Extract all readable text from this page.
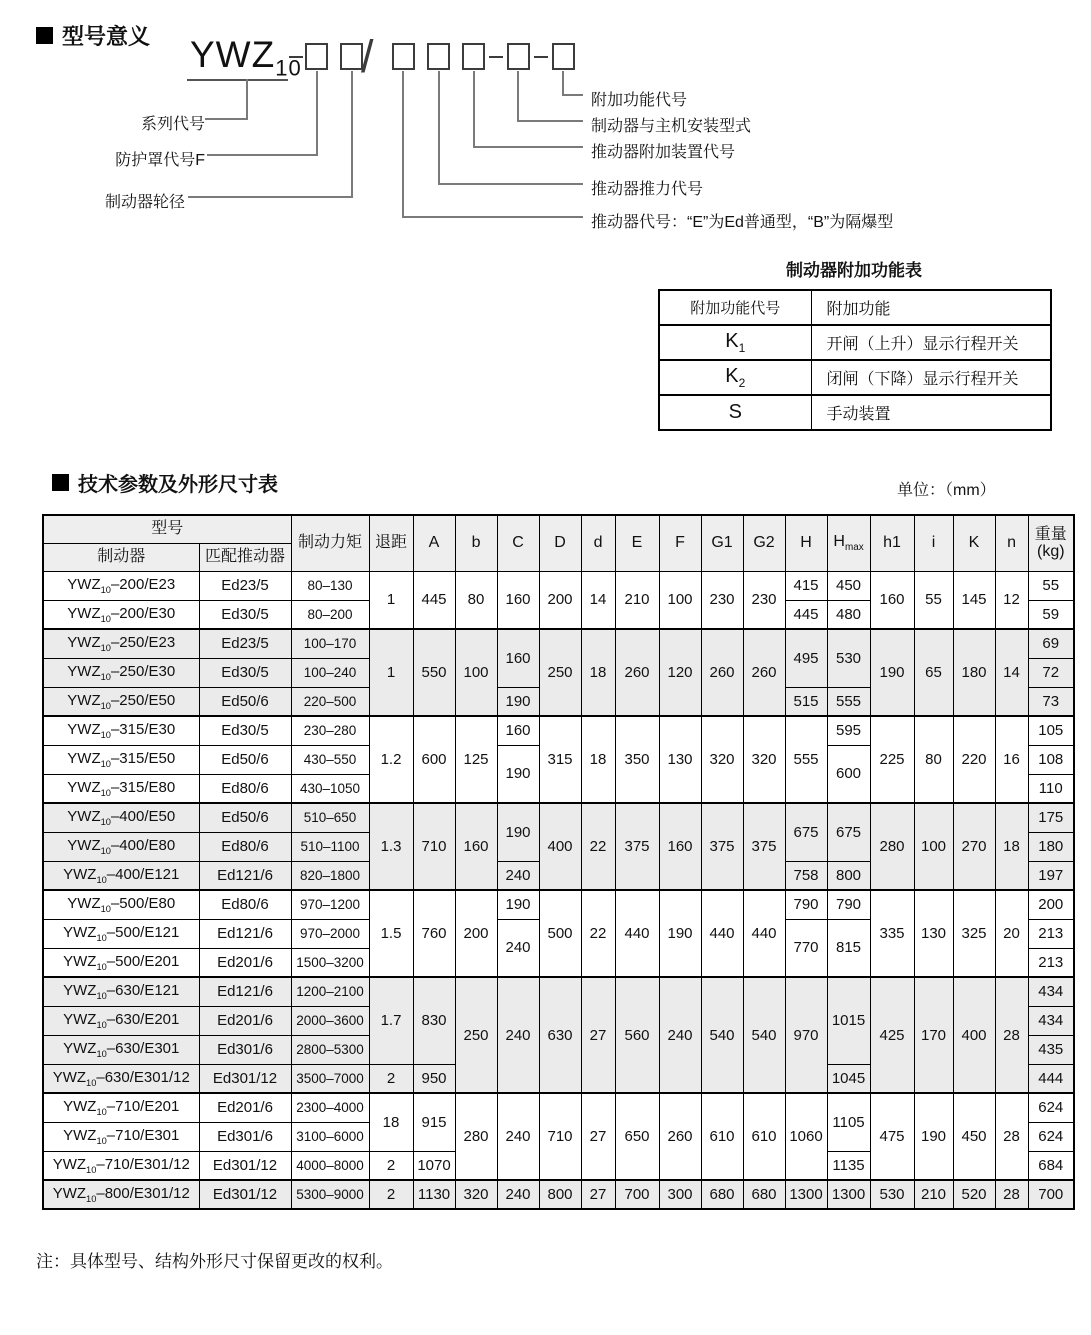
型号意义 $YWZ_{10}$ /
系列代号
防护罩代号F
制动器轮径
附加功能代号
制动器与主机安装型式
推动器附加装置代号
推动器推力代号
推动器代号：“E”为Ed普通型，“B”为隔爆型
制动器附加功能表
附加功能代号	附加功能
$K_1$	开闸（上升）显示行程开关
$K_2$	闭闸（下降）显示行程开关
S	手动装置
技术参数及外形尺寸表	单位：（mm）
型号		制动力矩	退距	A	b	C	D	d	E	F	G1	G2	H	$H_{max}$	h1	i	K	n	重量
(kg)
制动器	匹配推动器																		
$YWZ_{10}-200/E23$	Ed23/5	80–130	1	445	80	160	200	14	210	100	230	230	415	450	160	55	145	12	55
$YWZ_{10}-200/E30$	Ed30/5	80–200											445	480					59
$YWZ_{10}-250/E23$	Ed23/5	100–170	1	550	100	160	250	18	260	120	260	260	495	530	190	65	180	14	69
$YWZ_{10}-250/E30$	Ed30/5	100–240																	72
$YWZ_{10}-250/E50$	Ed50/6	220–500				190							515	555					73
$YWZ_{10}-315/E30$	Ed30/5	230–280	1.2	600	125	160	315	18	350	130	320	320	555	595	225	80	220	16	105
$YWZ_{10}-315/E50$	Ed50/6	430–550				190								600					108
$YWZ_{10}-315/E80$	Ed80/6	430–1050																	110
$YWZ_{10}-400/E50$	Ed50/6	510–650	1.3	710	160	190	400	22	375	160	375	375	675	675	280	100	270	18	175
$YWZ_{10}-400/E80$	Ed80/6	510–1100																	180
$YWZ_{10}-400/E121$	Ed121/6	820–1800				240							758	800					197
$YWZ_{10}-500/E80$	Ed80/6	970–1200	1.5	760	200	190	500	22	440	190	440	440	790	790	335	130	325	20	200
$YWZ_{10}-500/E121$	Ed121/6	970–2000				240							770	815					213
$YWZ_{10}-500/E201$	Ed201/6	1500–3200																	213
$YWZ_{10}-630/E121$	Ed121/6	1200–2100	1.7	830	250	240	630	27	560	240	540	540	970	1015	425	170	400	28	434
$YWZ_{10}-630/E201$	Ed201/6	2000–3600																	434
$YWZ_{10}-630/E301$	Ed301/6	2800–5300																	435
$YWZ_{10}-630/E301/12$	Ed301/12	3500–7000	2	950										1045					444
$YWZ_{10}-710/E201$	Ed201/6	2300–4000	18	915	280	240	710	27	650	260	610	610	1060	1105	475	190	450	28	624
$YWZ_{10}-710/E301$	Ed301/6	3100–6000																	624
$YWZ_{10}-710/E301/12$	Ed301/12	4000–8000	2	1070										1135					684
$YWZ_{10}-800/E301/12$	Ed301/12	5300–9000	2	1130	320	240	800	27	700	300	680	680	1300	1300	530	210	520	28	700
注：具体型号、结构外形尺寸保留更改的权利。
